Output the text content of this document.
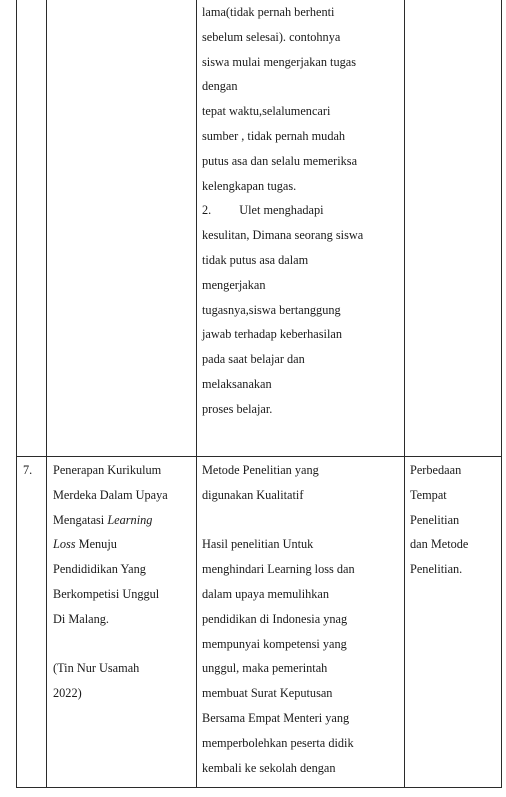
lama(tidak pernah berhenti
sebelum selesai). contohnya
siswa mulai mengerjakan tugas
dengan
tepat waktu,selalumencari
sumber , tidak pernah mudah
putus asa dan selalu memeriksa
kelengkapan tugas.
2. Ulet menghadapi
kesulitan, Dimana seorang siswa
tidak putus asa dalam
mengerjakan
tugasnya,siswa bertanggung
jawab terhadap keberhasilan
pada saat belajar dan
melaksanakan
proses belajar.
7. Penerapan Kurikulum
Merdeka Dalam Upaya
Mengatasi Learning
Loss Menuju
Pendididikan Yang
Berkompetisi Unggul
Di Malang.
(Tin Nur Usamah
2022)
Metode Penelitian yang
digunakan Kualitatif
Hasil penelitian Untuk
menghindari Learning loss dan
dalam upaya memulihkan
pendidikan di Indonesia ynag
mempunyai kompetensi yang
unggul, maka pemerintah
membuat Surat Keputusan
Bersama Empat Menteri yang
memperbolehkan peserta didik
kembali ke sekolah dengan
Perbedaan
Tempat
Penelitian
dan Metode
Penelitian.
